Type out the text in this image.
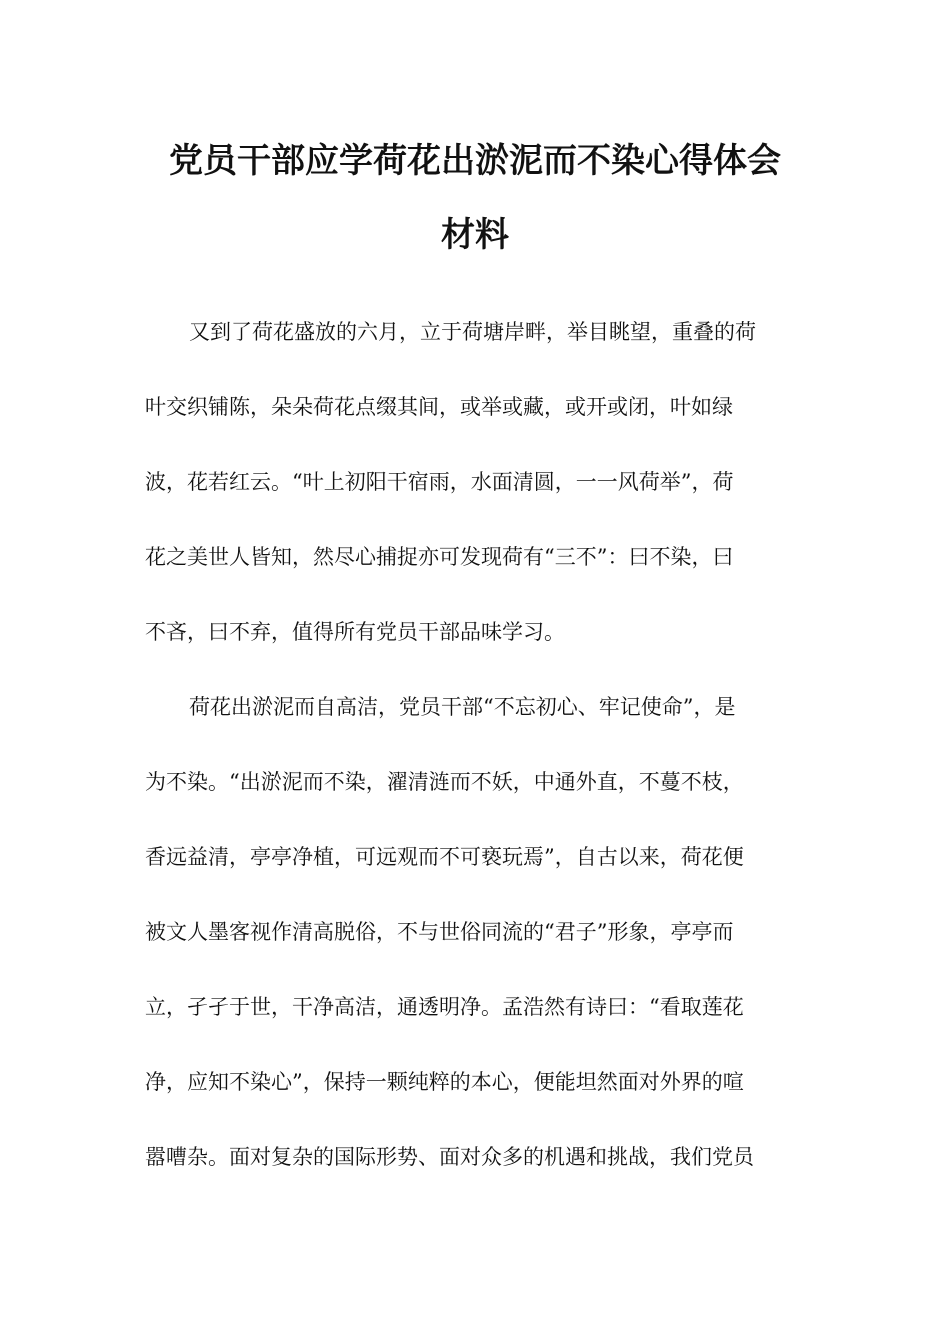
党员干部应学荷花出淤泥而不染心得体会
材料
又到了荷花盛放的六月，立于荷塘岸畔，举目眺望，重叠的荷
叶交织铺陈，朵朵荷花点缀其间，或举或藏，或开或闭，叶如绿
波，花若红云。“叶上初阳干宿雨，水面清圆，一一风荷举”，荷
花之美世人皆知，然尽心捕捉亦可发现荷有“三不”：曰不染，曰
不吝，曰不弃，值得所有党员干部品味学习。
荷花出淤泥而自高洁，党员干部“不忘初心、牢记使命”，是
为不染。“出淤泥而不染，濯清涟而不妖，中通外直，不蔓不枝，
香远益清，亭亭净植，可远观而不可亵玩焉”，自古以来，荷花便
被文人墨客视作清高脱俗，不与世俗同流的“君子”形象，亭亭而
立，孑孑于世，干净高洁，通透明净。孟浩然有诗曰：“看取莲花
净，应知不染心”，保持一颗纯粹的本心，便能坦然面对外界的喧
嚣嘈杂。面对复杂的国际形势、面对众多的机遇和挑战，我们党员
